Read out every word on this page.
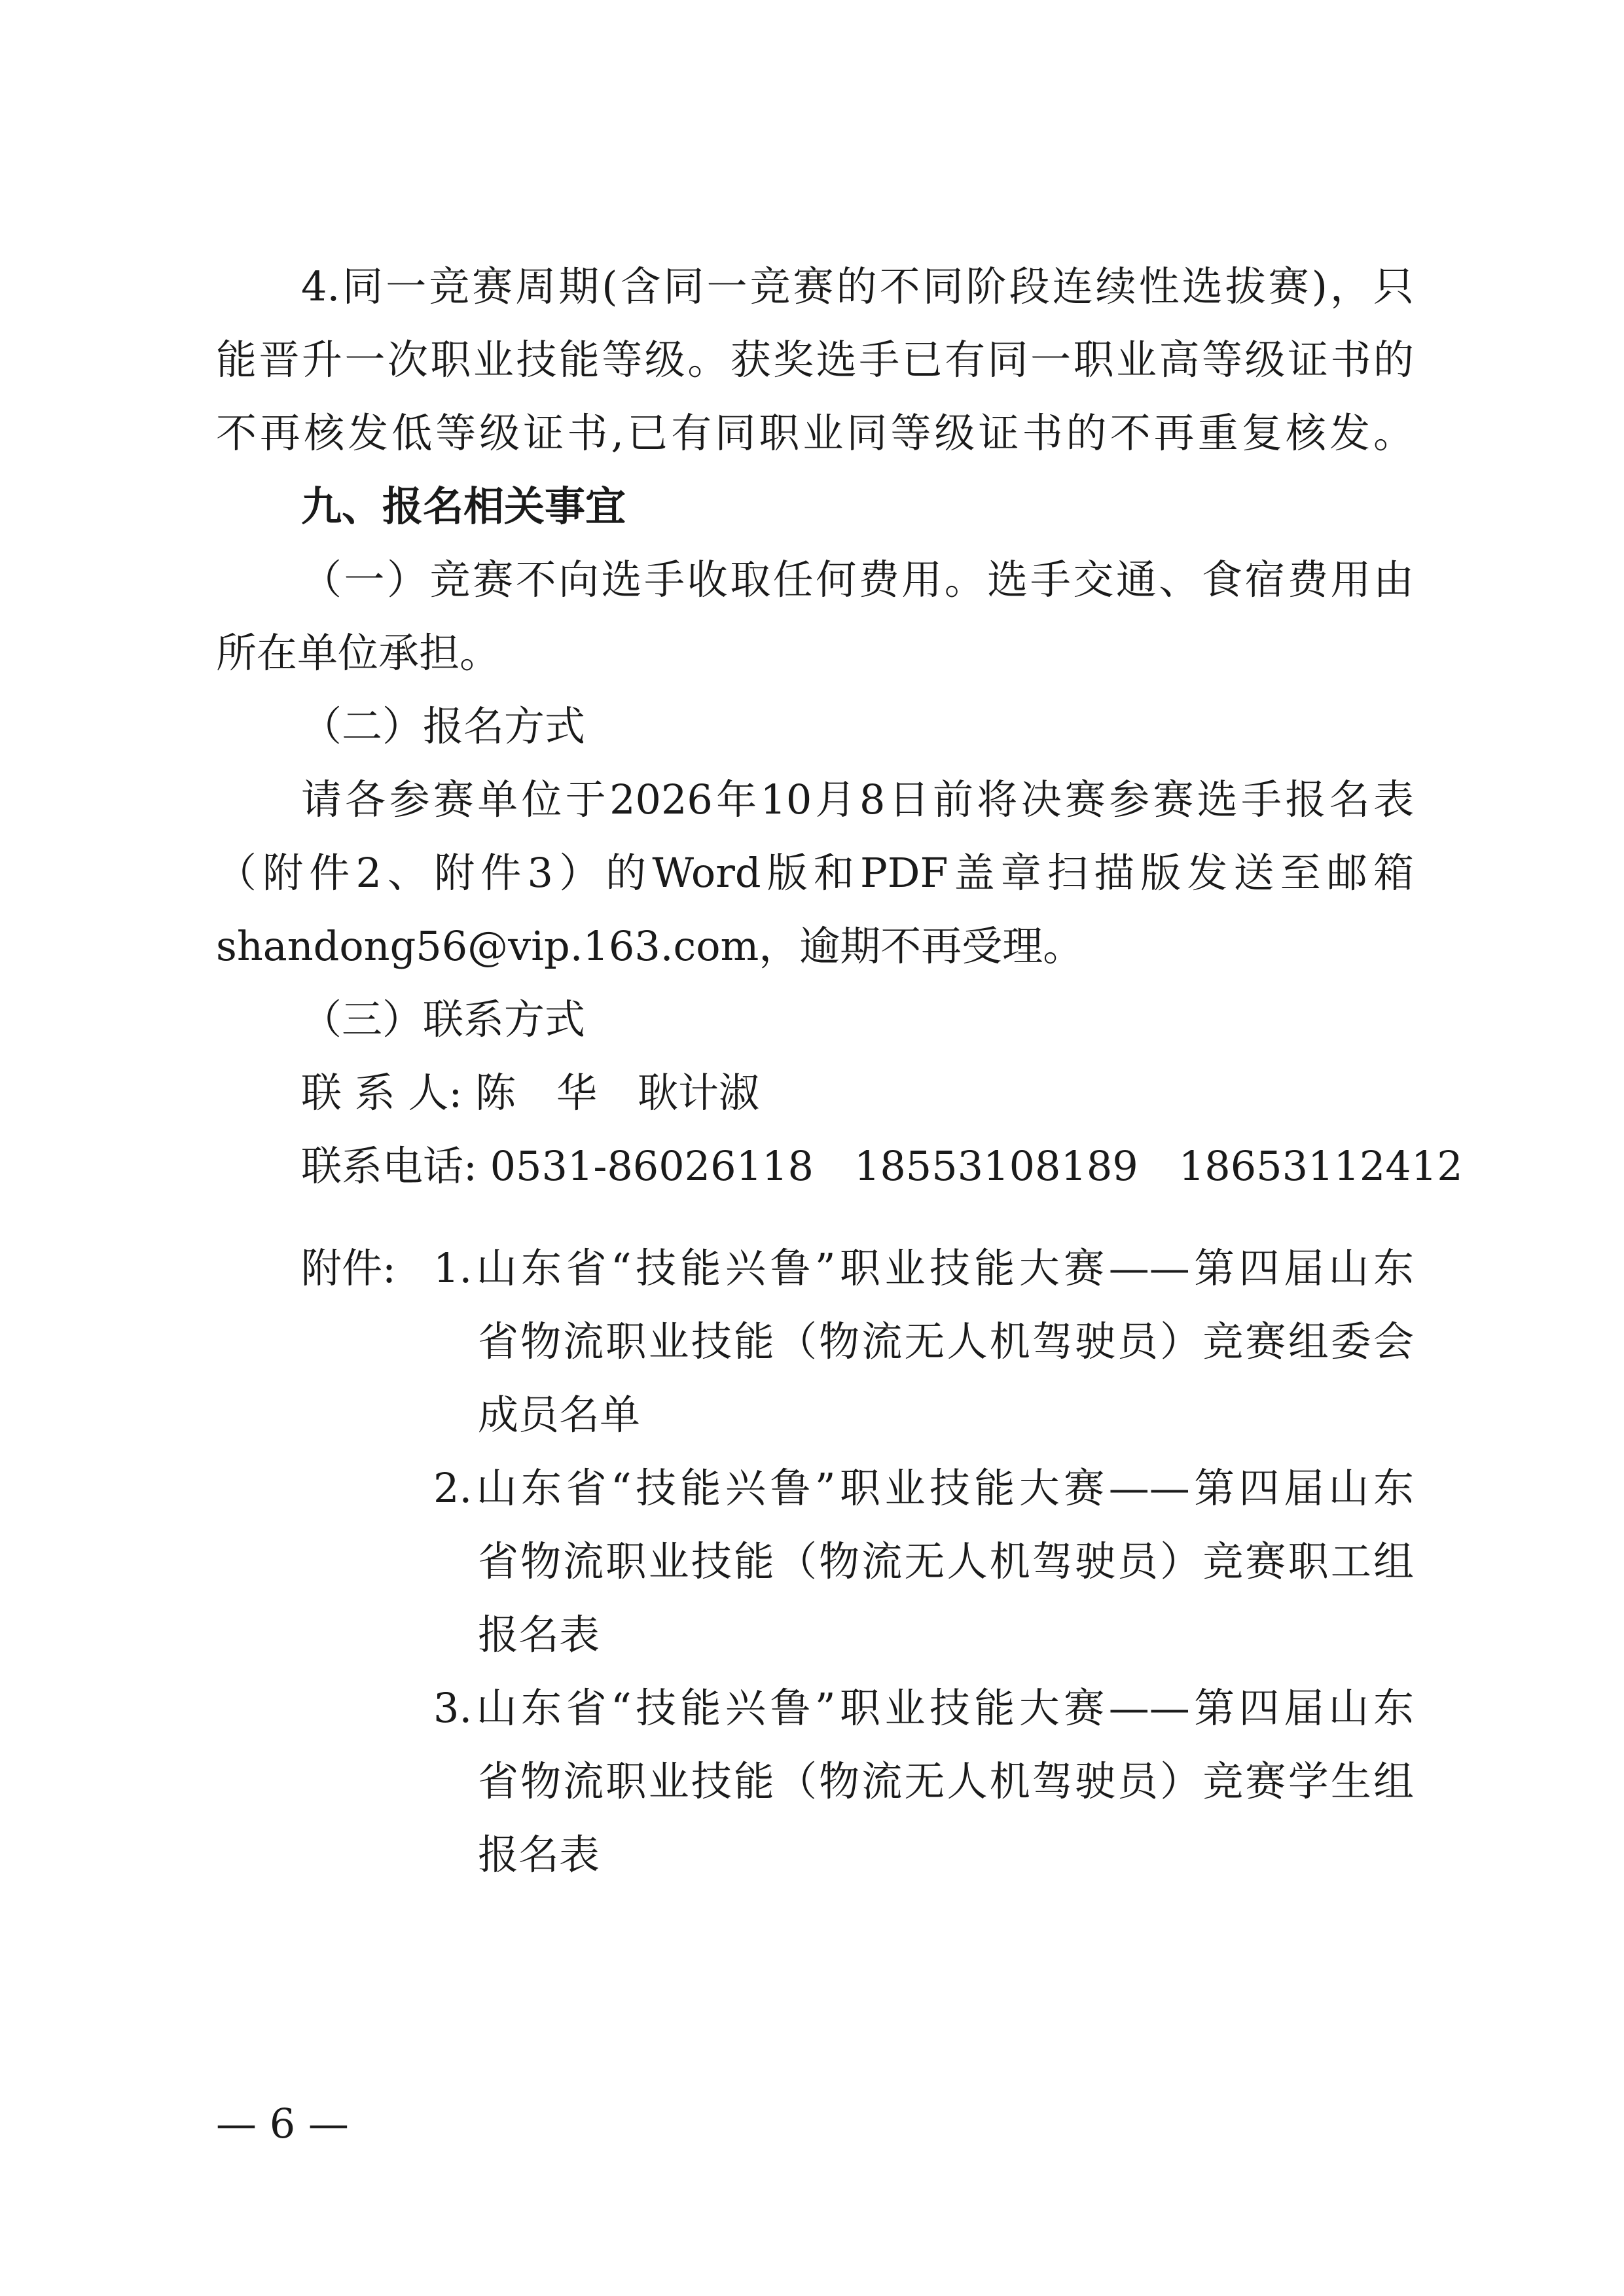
4.同一竞赛周期(含同一竞赛的不同阶段连续性选拔赛)，只
能晋升一次职业技能等级。获奖选手已有同一职业高等级证书的
不再核发低等级证书,已有同职业同等级证书的不再重复核发。
九、报名相关事宜
（一）竞赛不向选手收取任何费用。选手交通、食宿费用由
所在单位承担。
（二）报名方式
请各参赛单位于2026年10月8日前将决赛参赛选手报名表
（附件2、附件3）的Word版和PDF盖章扫描版发送至邮箱
shandong56@vip.163.com，逾期不再受理。
（三）联系方式
联 系 人: 陈　华　耿计淑
联系电话: 0531-86026118　18553108189　18653112412
附件: 1.山东省“技能兴鲁”职业技能大赛——第四届山东
省物流职业技能（物流无人机驾驶员）竞赛组委会
成员名单
2.山东省“技能兴鲁”职业技能大赛——第四届山东
省物流职业技能（物流无人机驾驶员）竞赛职工组
报名表
3.山东省“技能兴鲁”职业技能大赛——第四届山东
省物流职业技能（物流无人机驾驶员）竞赛学生组
报名表
— 6 —
